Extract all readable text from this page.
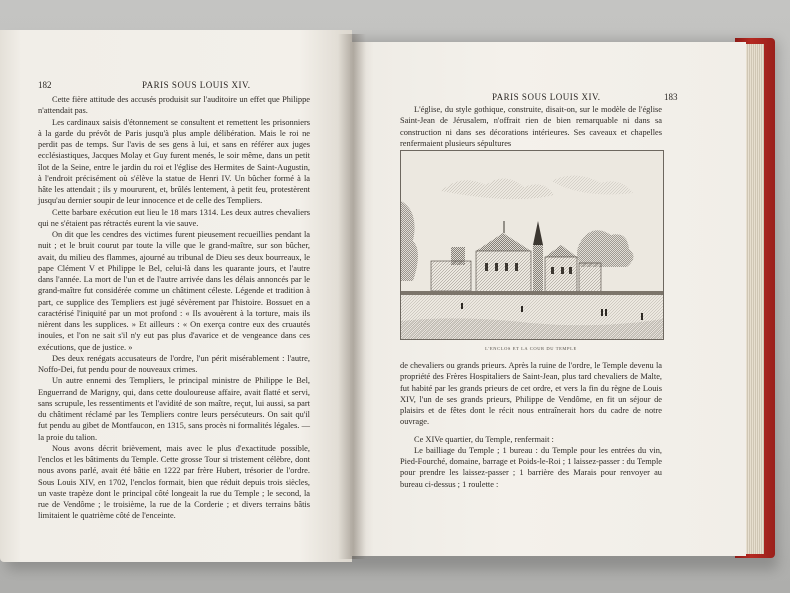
182	PARIS SOUS LOUIS XIV.

Cette fière attitude des accusés produisit sur l'auditoire un effet que Philippe n'attendait pas.

Les cardinaux saisis d'étonnement se consultent et remettent les prisonniers à la garde du prévôt de Paris jusqu'à plus ample délibération. Mais le roi ne perdit pas de temps. Sur l'avis de ses gens à lui, et sans en référer aux juges ecclésiastiques, Jacques Molay et Guy furent menés, le soir même, dans un petit îlot de la Seine, entre le jardin du roi et l'église des Hermites de Saint-Augustin, à l'endroit précisément où s'élève la statue de Henri IV. Un bûcher formé à la hâte les attendait ; ils y moururent, et, brûlés lentement, à petit feu, protestèrent jusqu'au dernier soupir de leur innocence et de celle des Templiers.

Cette barbare exécution eut lieu le 18 mars 1314. Les deux autres chevaliers qui ne s'étaient pas rétractés eurent la vie sauve.

On dit que les cendres des victimes furent pieusement recueillies pendant la nuit ; et le bruit courut par toute la ville que le grand-maître, sur son bûcher, avait, du milieu des flammes, ajourné au tribunal de Dieu ses deux bourreaux, le pape Clément V et Philippe le Bel, celui-là dans les quarante jours, et l'autre dans l'année. La mort de l'un et de l'autre arrivée dans les délais annoncés par le grand-maître fut considérée comme un châtiment céleste. Légende et tradition à part, ce supplice des Templiers est jugé sévèrement par l'histoire. Bossuet en a caractérisé l'iniquité par un mot profond : « Ils avouèrent à la torture, mais ils nièrent dans les supplices. » Et ailleurs : « On exerça contre eux des cruautés inouïes, et l'on ne sait s'il n'y eut pas plus d'avarice et de vengeance dans ces exécutions, que de justice. »

Des deux renégats accusateurs de l'ordre, l'un périt misérablement : l'autre, Noffo-Dei, fut pendu pour de nouveaux crimes.

Un autre ennemi des Templiers, le principal ministre de Philippe le Bel, Enguerrand de Marigny, qui, dans cette douloureuse affaire, avait flatté et servi, sans scrupule, les ressentiments et l'avidité de son maître, reçut, lui aussi, sa part du châtiment réclamé par les Templiers contre leurs persécuteurs. On sait qu'il fut pendu au gibet de Montfaucon, en 1315, sans procès ni formalités légales. — la proie du talion.

Nous avons décrit brièvement, mais avec le plus d'exactitude possible, l'enclos et les bâtiments du Temple. Cette grosse Tour si tristement célèbre, dont nous avons parlé, avait été bâtie en 1222 par frère Hubert, trésorier de l'ordre. Sous Louis XIV, en 1702, l'enclos formait, bien que réduit depuis trois siècles, un vaste trapèze dont le principal côté longeait la rue du Temple ; le second, la rue de Vendôme ; le troisième, la rue de la Corderie ; et divers terrains bâtis limitaient le quatrième côté de l'enceinte.

PARIS SOUS LOUIS XIV.	183

L'église, du style gothique, construite, disait-on, sur le modèle de l'église Saint-Jean de Jérusalem, n'offrait rien de bien remarquable ni dans sa construction ni dans ses décorations intérieures. Ses caveaux et chapelles renfermaient plusieurs sépultures

L'ENCLOS ET LA COUR DU TEMPLE

de chevaliers ou grands prieurs. Après la ruine de l'ordre, le Temple devenu la propriété des Frères Hospitaliers de Saint-Jean, plus tard chevaliers de Malte, fut habité par les grands prieurs de cet ordre, et vers la fin du règne de Louis XIV, l'un de ses grands prieurs, Philippe de Vendôme, en fit un séjour de plaisirs et de fêtes dont le récit nous entraînerait hors du cadre de notre ouvrage.

Ce XIVe quartier, du Temple, renfermait :

Le bailliage du Temple ; 1 bureau : du Temple pour les entrées du vin, Pied-Fourché, domaine, barrage et Poids-le-Roi ; 1 laissez-passer : du Temple pour prendre les laissez-passer ; 1 barrière des Marais pour renvoyer au bureau ci-dessus ; 1 roulette :
